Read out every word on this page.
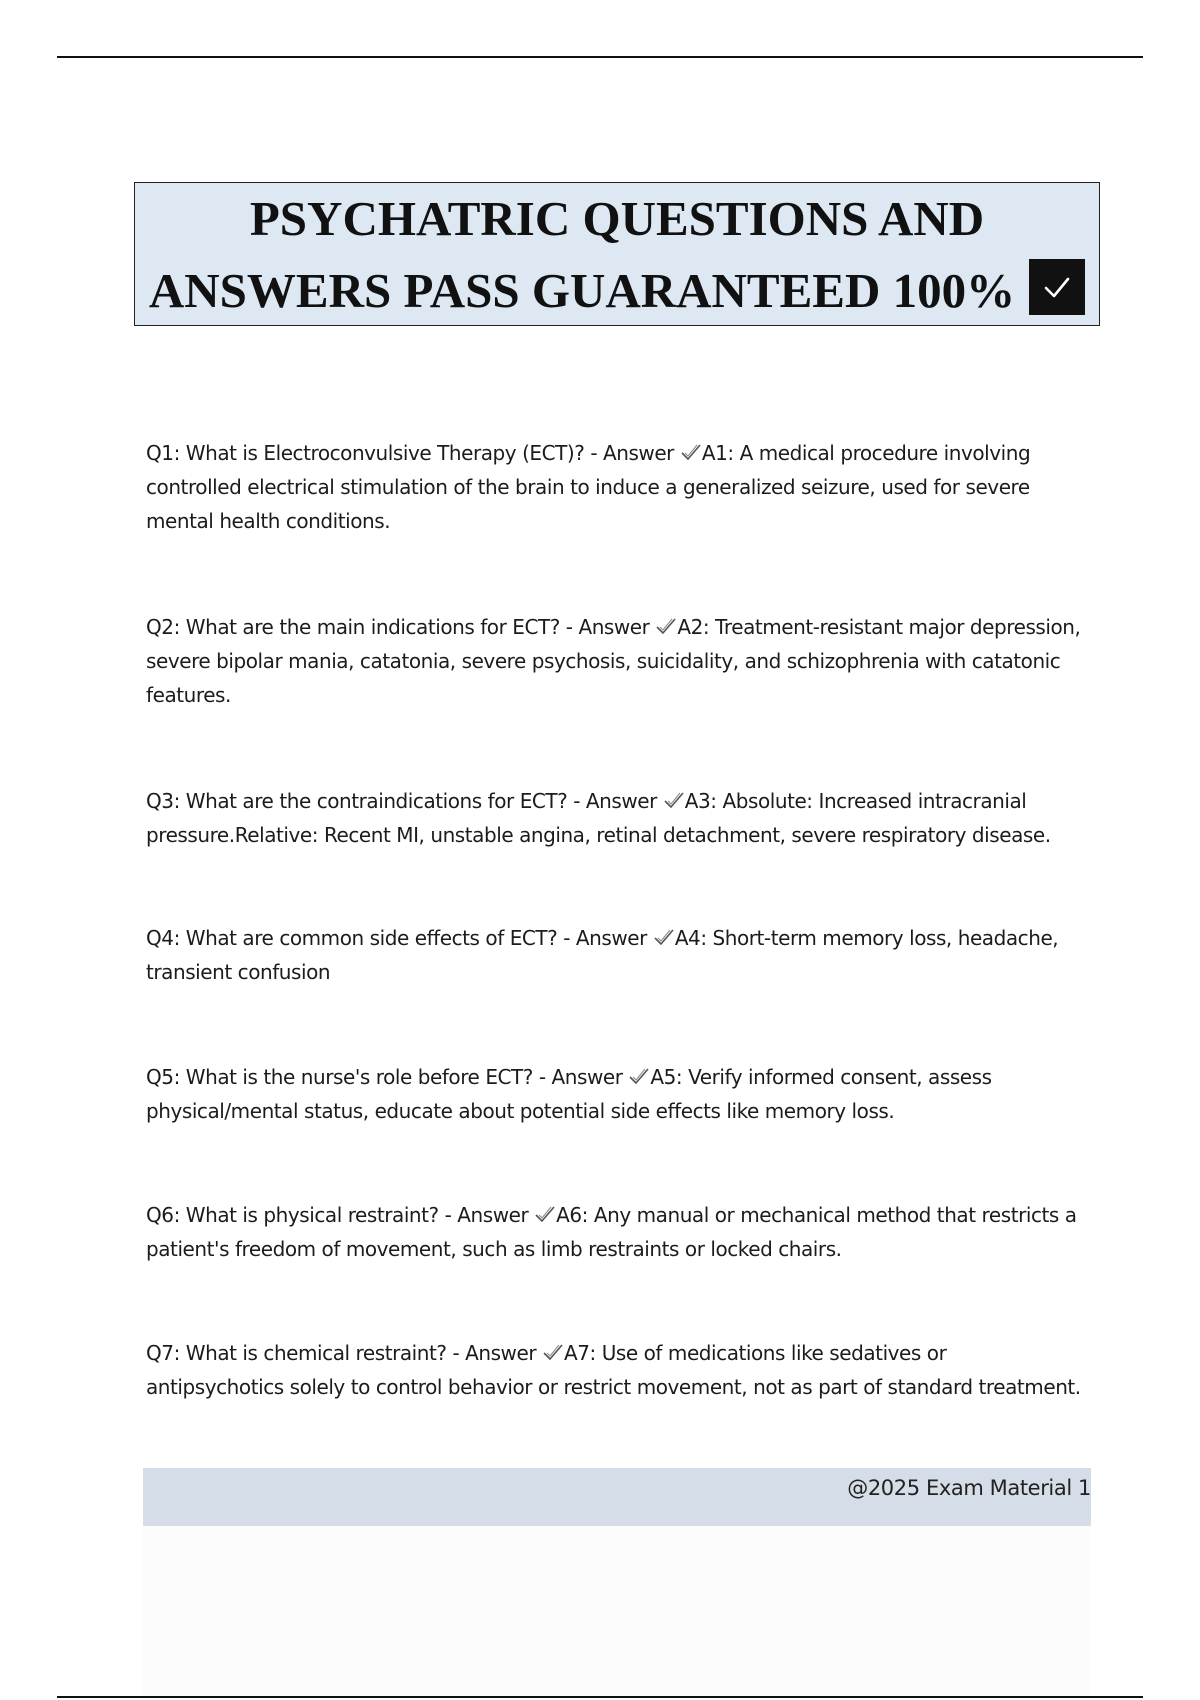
PSYCHATRIC QUESTIONS AND
ANSWERS PASS GUARANTEED 100%

Q1: What is Electroconvulsive Therapy (ECT)? - Answer
A1: A medical procedure involving controlled electrical stimulation of the brain to induce a generalized seizure, used for severe mental health conditions.

Q2: What are the main indications for ECT? - Answer
A2: Treatment-resistant major depression, severe bipolar mania, catatonia, severe psychosis, suicidality, and schizophrenia with catatonic features.

Q3: What are the contraindications for ECT? - Answer
A3: Absolute: Increased intracranial pressure.Relative: Recent MI, unstable angina, retinal detachment, severe respiratory disease.

Q4: What are common side effects of ECT? - Answer
A4: Short-term memory loss, headache, transient confusion

Q5: What is the nurse's role before ECT? - Answer
A5: Verify informed consent, assess physical/mental status, educate about potential side effects like memory loss.

Q6: What is physical restraint? - Answer
A6: Any manual or mechanical method that restricts a patient's freedom of movement, such as limb restraints or locked chairs.

Q7: What is chemical restraint? - Answer
A7: Use of medications like sedatives or antipsychotics solely to control behavior or restrict movement, not as part of standard treatment.

@2025 Exam Material 1
